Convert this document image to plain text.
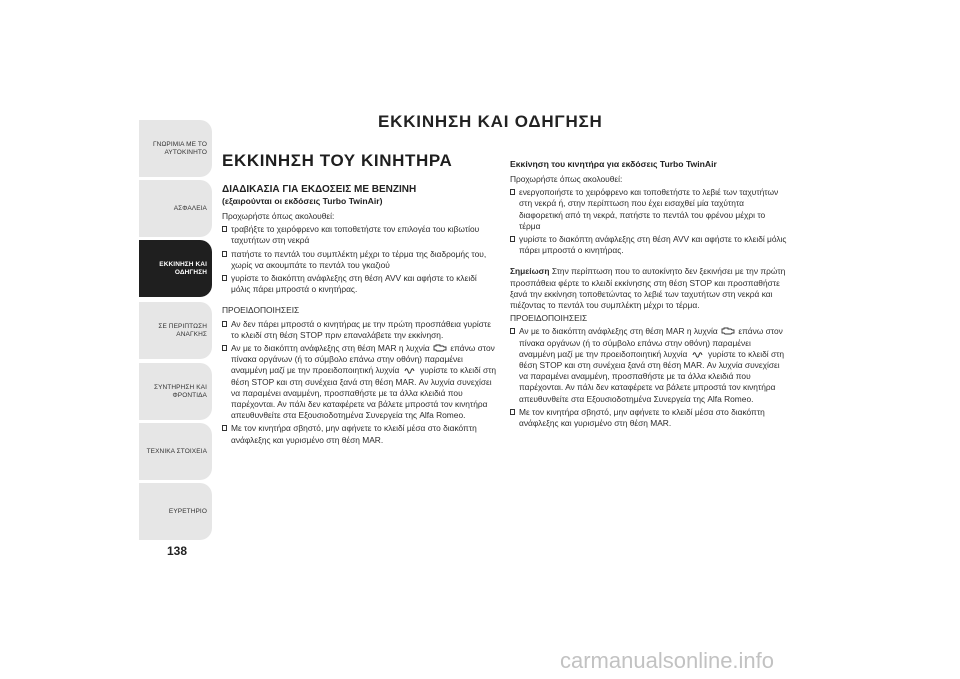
ΓΝΩΡΙΜΙΑ ΜΕ ΤΟ
ΑΥΤΟΚΙΝΗΤΟ
ΑΣΦΑΛΕΙΑ
ΕΚΚΙΝΗΣΗ ΚΑΙ
ΟΔΗΓΗΣΗ
ΣΕ ΠΕΡΙΠΤΩΣΗ
ΑΝΑΓΚΗΣ
ΣΥΝΤΗΡΗΣΗ ΚΑΙ
ΦΡΟΝΤΙΔΑ
ΤΕΧΝΙΚΑ ΣΤΟΙΧΕΙΑ
ΕΥΡΕΤΗΡΙΟ
138
ΕΚΚΙΝΗΣΗ ΚΑΙ ΟΔΗΓΗΣΗ
ΕΚΚΙΝΗΣΗ ΤΟΥ ΚΙΝΗΤΗΡΑ
ΔΙΑΔΙΚΑΣΙΑ ΓΙΑ ΕΚΔΟΣΕΙΣ ΜΕ ΒΕΝΖΙΝΗ
(εξαιρούνται οι εκδόσεις Turbo TwinAir)
Προχωρήστε όπως ακολουθεί:
τραβήξτε το χειρόφρενο και τοποθετήστε τον επιλογέα του κιβωτίου ταχυτήτων στη νεκρά
πατήστε το πεντάλ του συμπλέκτη μέχρι το τέρμα της διαδρομής του, χωρίς να ακουμπάτε το πεντάλ του γκαζιού
γυρίστε το διακόπτη ανάφλεξης στη θέση AVV και αφήστε το κλειδί μόλις πάρει μπροστά ο κινητήρας.
ΠΡΟΕΙΔΟΠΟΙΗΣΕΙΣ
Αν δεν πάρει μπροστά ο κινητήρας με την πρώτη προσπάθεια γυρίστε το κλειδί στη θέση STOP πριν επαναλάβετε την εκκίνηση.
Αν με το διακόπτη ανάφλεξης στη θέση MAR η λυχνία επάνω στον πίνακα οργάνων (ή το σύμβολο επάνω στην οθόνη) παραμένει αναμμένη μαζί με την προειδοποιητική λυχνία γυρίστε το κλειδί στη θέση STOP και στη συνέχεια ξανά στη θέση MAR. Αν λυχνία συνεχίσει να παραμένει αναμμένη, προσπαθήστε με τα άλλα κλειδιά που παρέχονται. Αν πάλι δεν καταφέρετε να βάλετε μπροστά τον κινητήρα απευθυνθείτε στα Εξουσιοδοτημένα Συνεργεία της Alfa Romeo.
Με τον κινητήρα σβηστό, μην αφήνετε το κλειδί μέσα στο διακόπτη ανάφλεξης και γυρισμένο στη θέση MAR.
Εκκίνηση του κινητήρα για εκδόσεις Turbo TwinAir
Προχωρήστε όπως ακολουθεί:
ενεργοποιήστε το χειρόφρενο και τοποθετήστε το λεβιέ των ταχυτήτων στη νεκρά ή, στην περίπτωση που έχει εισαχθεί μία ταχύτητα διαφορετική από τη νεκρά, πατήστε το πεντάλ του φρένου μέχρι το τέρμα
γυρίστε το διακόπτη ανάφλεξης στη θέση AVV και αφήστε το κλειδί μόλις πάρει μπροστά ο κινητήρας.
Σημείωση Στην περίπτωση που το αυτοκίνητο δεν ξεκινήσει με την πρώτη προσπάθεια φέρτε το κλειδί εκκίνησης στη θέση STOP και προσπαθήστε ξανά την εκκίνηση τοποθετώντας το λεβιέ των ταχυτήτων στη νεκρά και πιέζοντας το πεντάλ του συμπλέκτη μέχρι το τέρμα.
ΠΡΟΕΙΔΟΠΟΙΗΣΕΙΣ
Αν με το διακόπτη ανάφλεξης στη θέση MAR η λυχνία επάνω στον πίνακα οργάνων (ή το σύμβολο επάνω στην οθόνη) παραμένει αναμμένη μαζί με την προειδοποιητική λυχνία γυρίστε το κλειδί στη θέση STOP και στη συνέχεια ξανά στη θέση MAR. Αν λυχνία συνεχίσει να παραμένει αναμμένη, προσπαθήστε με τα άλλα κλειδιά που παρέχονται. Αν πάλι δεν καταφέρετε να βάλετε μπροστά τον κινητήρα απευθυνθείτε στα Εξουσιοδοτημένα Συνεργεία της Alfa Romeo.
Με τον κινητήρα σβηστό, μην αφήνετε το κλειδί μέσα στο διακόπτη ανάφλεξης και γυρισμένο στη θέση MAR.
carmanualsonline.info
